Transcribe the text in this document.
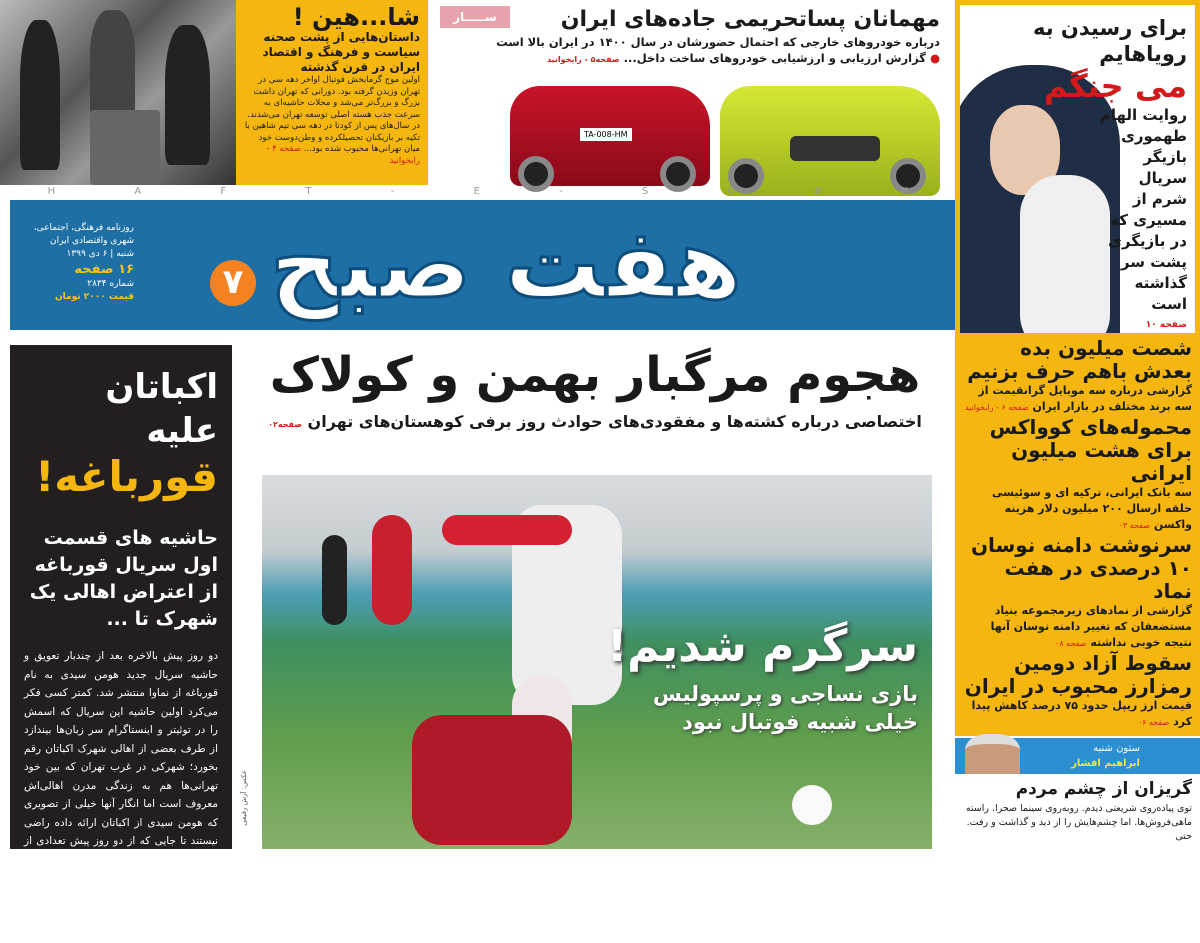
شا...هین !
داستان‌هایی از پشت صحنه سیاست و فرهنگ و اقتصاد ایران در قرن گذشته

اولین موج گرمابخش فوتبال اواخر دهه سی در تهران وزیدن گرفته بود. دورانی که تهران داشت بزرگ و بزرگ‌تر می‌شد و محلات حاشیه‌ای به سرعت جذب هسته اصلی توسعه تهران می‌شدند. در سال‌های پس از کودتا در دهه سی تیم شاهین با تکیه بر بازیکنان تحصیلکرده و وطن‌دوست خود میان تهرانی‌ها محبوب شده بود... صفحه ۴ - رابخوانید

ســـــار	مهمانان پساتحریمی جاده‌های ایران

درباره خودروهای خارجی که احتمال حضورشان در سال ۱۴۰۰ در ایران بالا است

● گزارش ارزیابی و ارزشیابی خودروهای ساخت داخل... صفحه۵ - رابخوانید

TA-008-HM
برای رسیدن به رویاهایم
می جنگم

روایت الهام طهموری بازیگر سریال شرم از مسیری که در بازیگری پشت سر گذاشته است

صفحه ۱۰

H	A	F	T	-	E	-	S	O	B	H
روزنامه فرهنگی، اجتماعی،
شهری واقتصادی ایران
شنبه | ۶ دی ۱۳۹۹
۱۶ صفحه
شماره ۲۸۳۴
قیمت ۲۰۰۰ تومان هفت صبح
۷
اکباتان علیه
قورباغه!
حاشیه های قسمت اول سریال قورباغه از اعتراض اهالی یک شهرک تا ...

دو روز پیش بالاخره بعد از چندبار تعویق و حاشیه سریال جدید هومن سیدی به نام قورباغه از نماوا منتشر شد. کمتر کسی فکر می‌کرد اولین حاشیه این سریال که اسمش را در توئیتر و اینستاگرام سر زبان‌ها بیندازد از طرف بعضی از اهالی شهرک اکباتان رقم بخورد؛ شهرکی در غرب تهران که بین خود تهرانی‌ها هم به زندگی مدرن اهالی‌اش معروف است اما انگار آنها خیلی از تصویری که هومن سیدی از اکباتان ارائه داده راضی نیستند تا جایی که از دو روز پیش تعدادی از کاربرها و بعضی از پیج‌هایی که اسم اکباتان را یدک می کشند و وقایع محله را پوشش می‌دهند شروع به اعتراض کرده‌اند و از سیدی می‌خواهند که حداقل وقتی تصویر اکباتان را استفاده می کند و

هجوم مرگبار بهمن و کولاک

اختصاصی درباره کشته‌ها و مفقودی‌های حوادث روز برفی کوهستان‌های تهران صفحه۰۲

عکس: آرش رفیعی
سرگرم شدیم!

بازی نساجی و پرسپولیس
خیلی شبیه فوتبال نبود

شصت میلیون بده بعدش باهم حرف بزنیم

گزارشی درباره سه موبایل گرانقیمت از سه برند مختلف در بازار ایران صفحه ۶ - رابخوانید

محموله‌های کوواکس برای هشت میلیون ایرانی

سه بانک ایرانی، ترکیه ای و سوئیسی حلقه ارسال ۲۰۰ میلیون دلار هزینه واکسن صفحه ۰۳

سرنوشت دامنه نوسان ۱۰ درصدی در هفت نماد

گزارشی از نمادهای زیرمجموعه بنیاد مستضعفان که تغییر دامنه نوسان آنها نتیجه خوبی نداشته صفحه ۰۸

سقوط آزاد دومین رمزارز محبوب در ایران

قیمت ارز ریپل حدود ۷۵ درصد کاهش پیدا کرد صفحه ۰۶

ستون شنبه
ابراهیم افشار
گریزان از چشم مردم

توی پیاده‌روی شریعتی دیدم. روبه‌روی سینما صحرا. راسته ماهی‌فروش‌ها. اما چشم‌هایش را از دید و گذاشت و رفت. حتی
